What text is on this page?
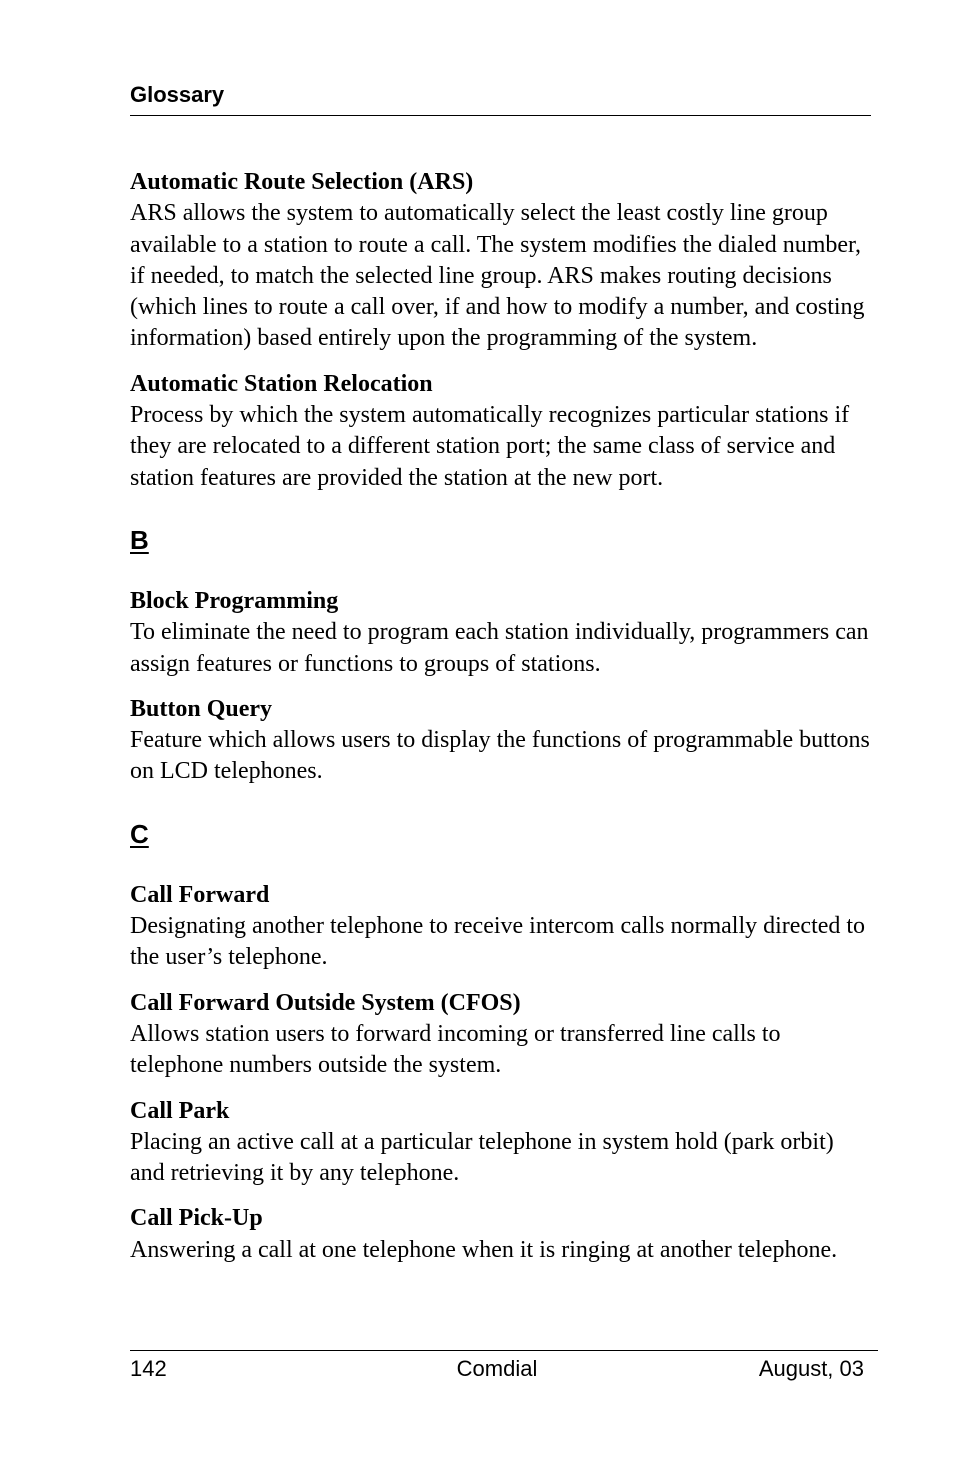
Glossary
Automatic Route Selection (ARS)
ARS allows the system to automatically select the least costly line group available to a station to route a call. The system modifies the dialed number, if needed, to match the selected line group. ARS makes routing decisions (which lines to route a call over, if and how to modify a number, and costing information) based entirely upon the programming of the system.
Automatic Station Relocation
Process by which the system automatically recognizes particular stations if they are relocated to a different station port; the same class of service and station features are provided the station at the new port.
B
Block Programming
To eliminate the need to program each station individually, programmers can assign features or functions to groups of stations.
Button Query
Feature which allows users to display the functions of programmable buttons on LCD telephones.
C
Call Forward
Designating another telephone to receive intercom calls normally directed to the user’s telephone.
Call Forward Outside System (CFOS)
Allows station users to forward incoming or transferred line calls to telephone numbers outside the system.
Call Park
Placing an active call at a particular telephone in system hold (park orbit) and retrieving it by any telephone.
Call Pick-Up
Answering a call at one telephone when it is ringing at another telephone.
142	Comdial	August, 03
